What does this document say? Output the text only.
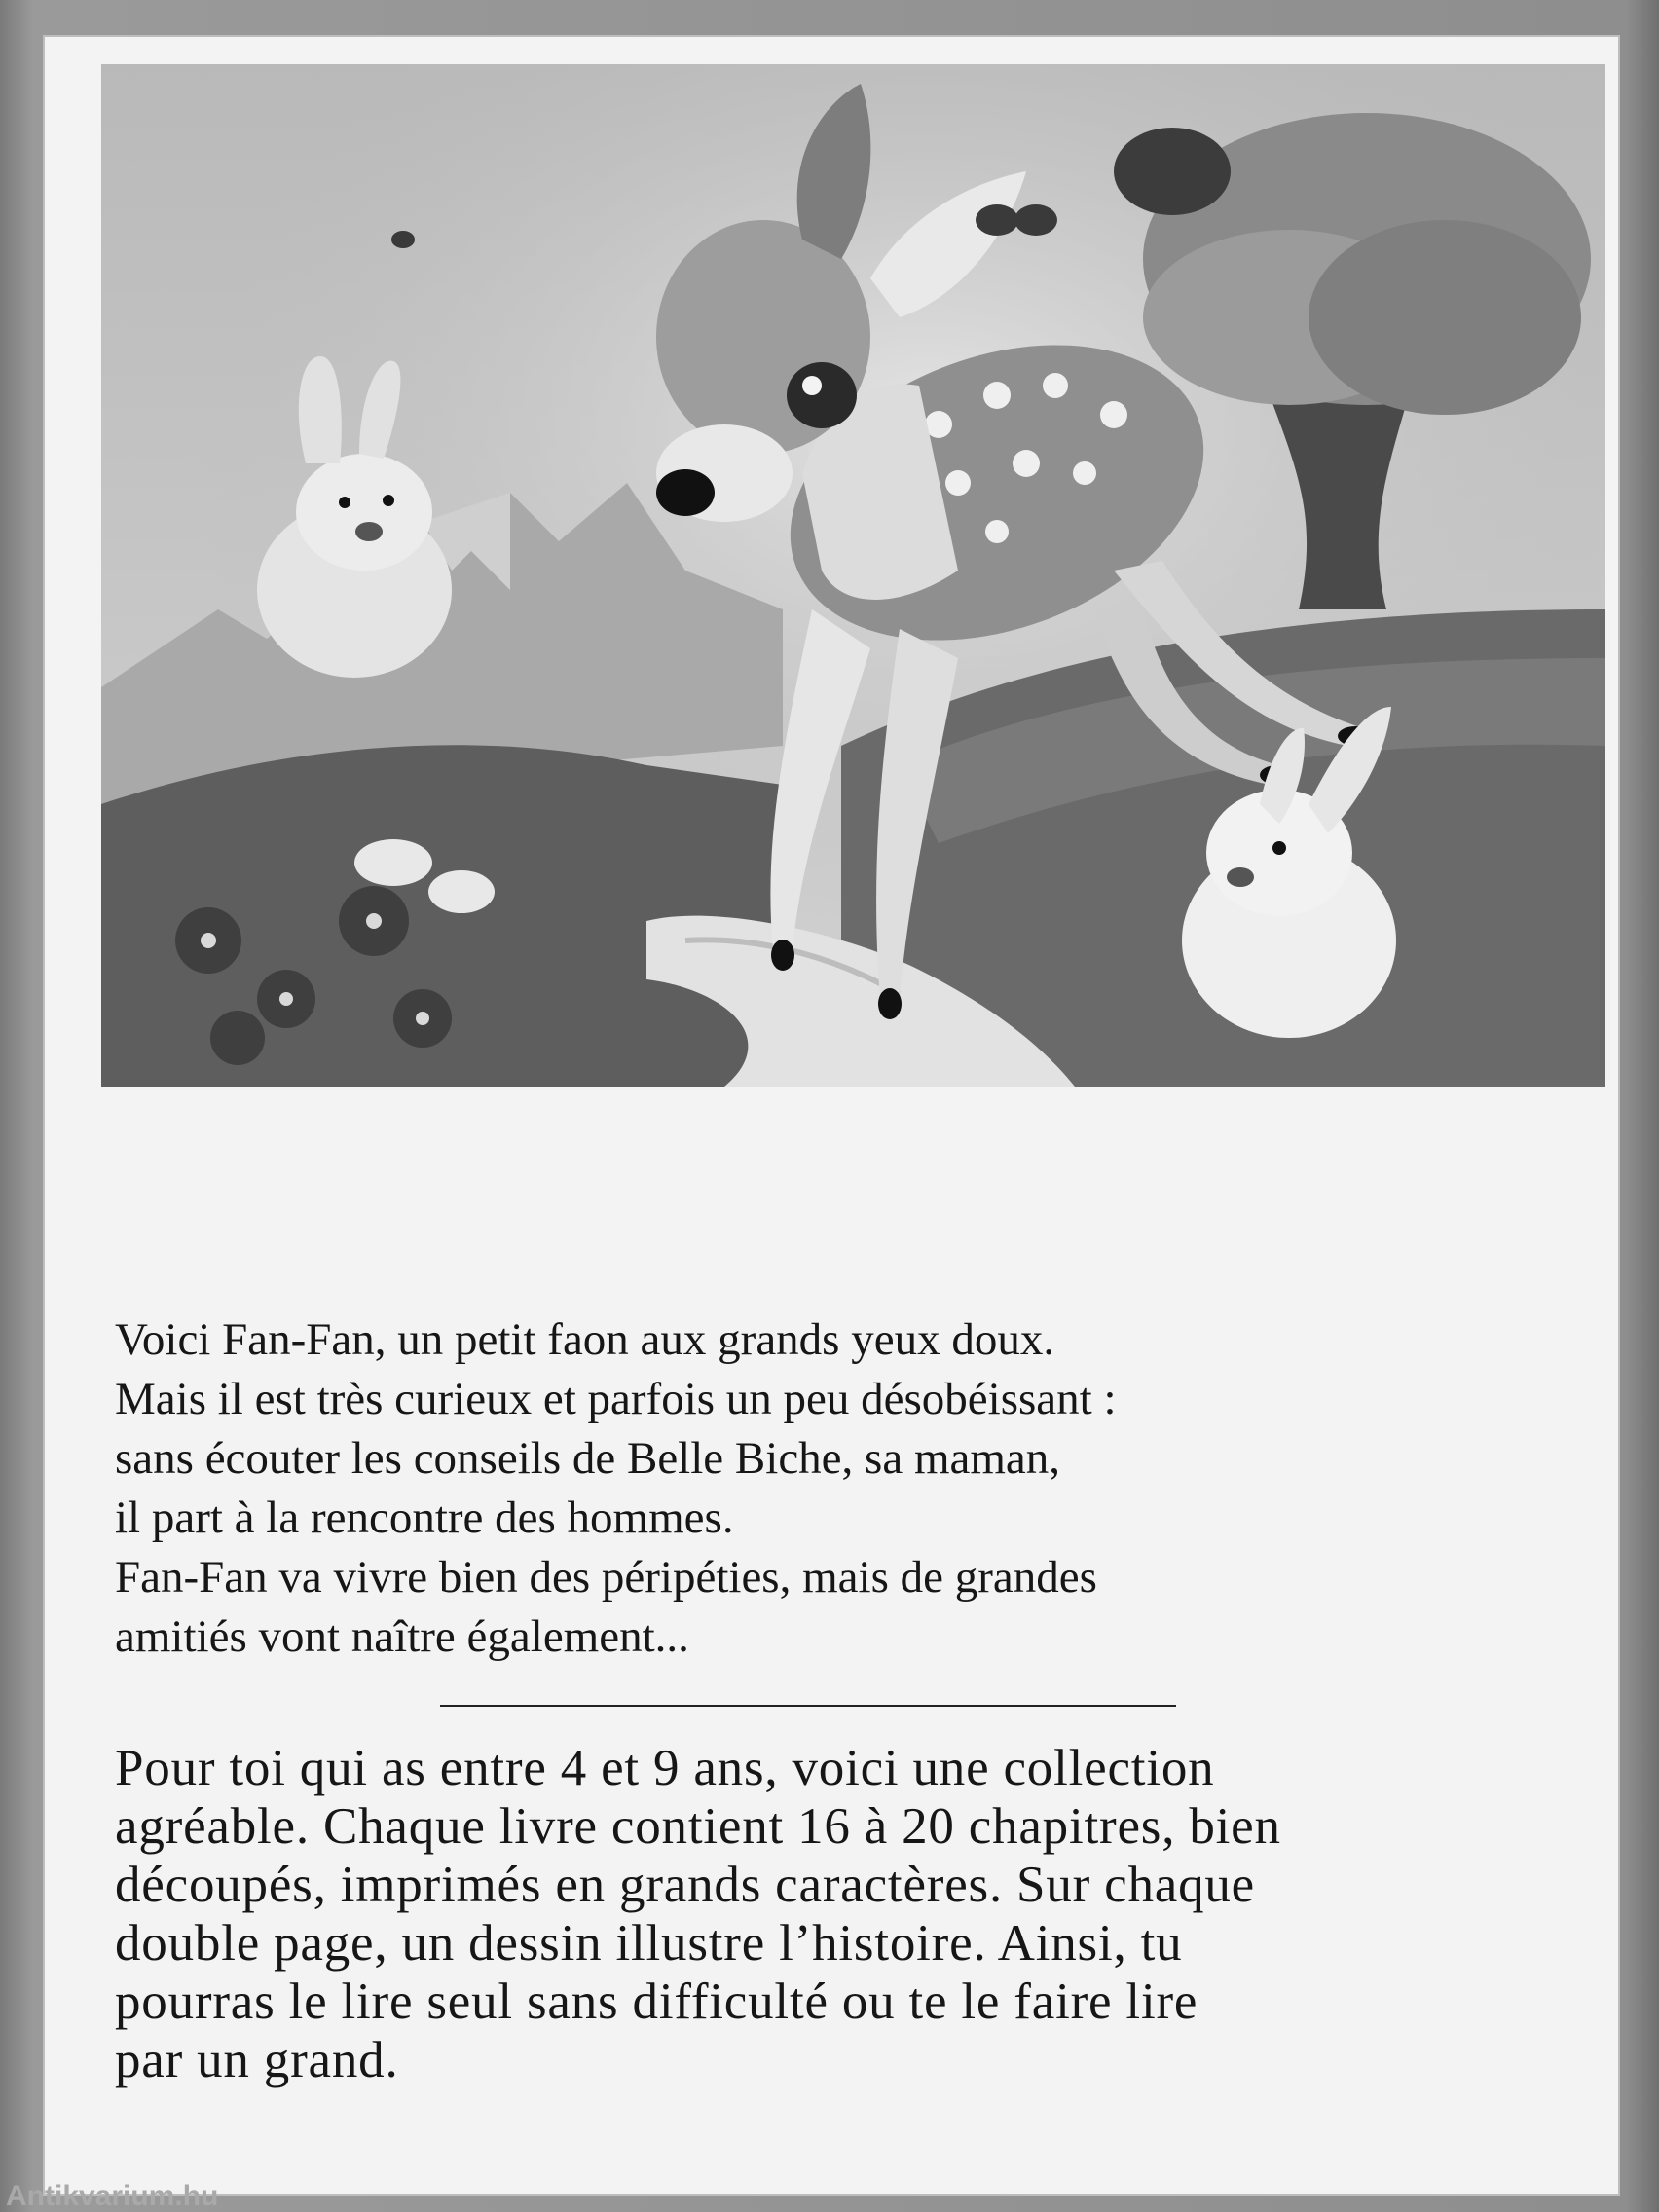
Voici Fan-Fan, un petit faon aux grands yeux doux.
Mais il est très curieux et parfois un peu désobéissant :
sans écouter les conseils de Belle Biche, sa maman,
il part à la rencontre des hommes.
Fan-Fan va vivre bien des péripéties, mais de grandes
amitiés vont naître également...
Pour toi qui as entre 4 et 9 ans, voici une collection
agréable. Chaque livre contient 16 à 20 chapitres, bien
découpés, imprimés en grands caractères. Sur chaque
double page, un dessin illustre l’histoire. Ainsi, tu
pourras le lire seul sans difficulté ou te le faire lire
par un grand.
Antikvarium.hu
